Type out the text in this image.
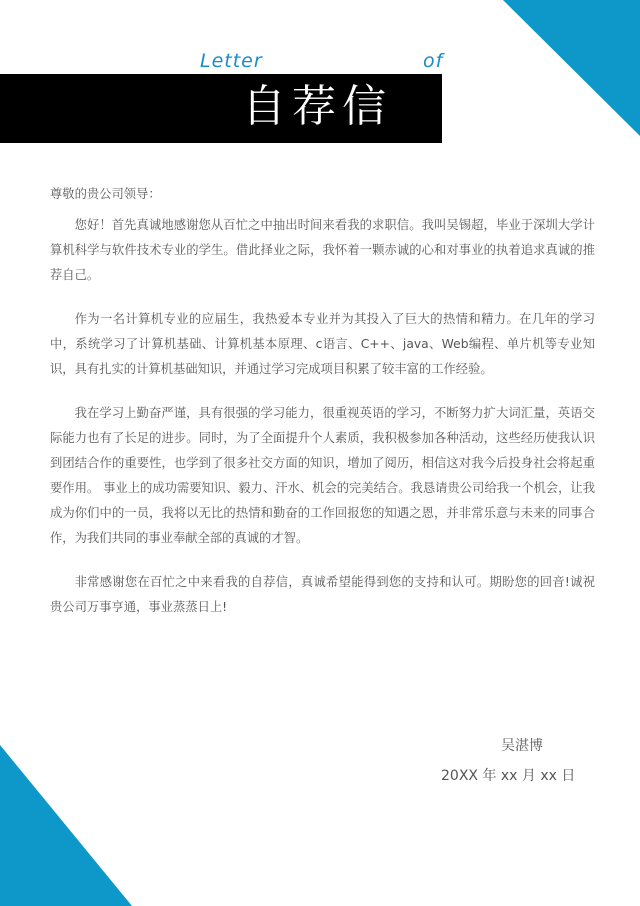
Letter	of
自荐信

尊敬的贵公司领导：

您好！首先真诚地感谢您从百忙之中抽出时间来看我的求职信。我叫吴锡超，毕业于深圳大学计算机科学与软件技术专业的学生。借此择业之际，我怀着一颗赤诚的心和对事业的执着追求真诚的推荐自己。

作为一名计算机专业的应届生，我热爱本专业并为其投入了巨大的热情和精力。在几年的学习中，系统学习了计算机基础、计算机基本原理、c语言、C++、java、Web编程、单片机等专业知识，具有扎实的计算机基础知识，并通过学习完成项目积累了较丰富的工作经验。

我在学习上勤奋严谨，具有很强的学习能力，很重视英语的学习，不断努力扩大词汇量，英语交际能力也有了长足的进步。同时，为了全面提升个人素质，我积极参加各种活动，这些经历使我认识到团结合作的重要性，也学到了很多社交方面的知识，增加了阅历，相信这对我今后投身社会将起重要作用。 事业上的成功需要知识、毅力、汗水、机会的完美结合。我恳请贵公司给我一个机会，让我成为你们中的一员，我将以无比的热情和勤奋的工作回报您的知遇之恩，并非常乐意与未来的同事合作，为我们共同的事业奉献全部的真诚的才智。

非常感谢您在百忙之中来看我的自荐信，真诚希望能得到您的支持和认可。期盼您的回音!诚祝贵公司万事亨通，事业蒸蒸日上!

吴湛博
20XX 年 xx 月 xx 日
